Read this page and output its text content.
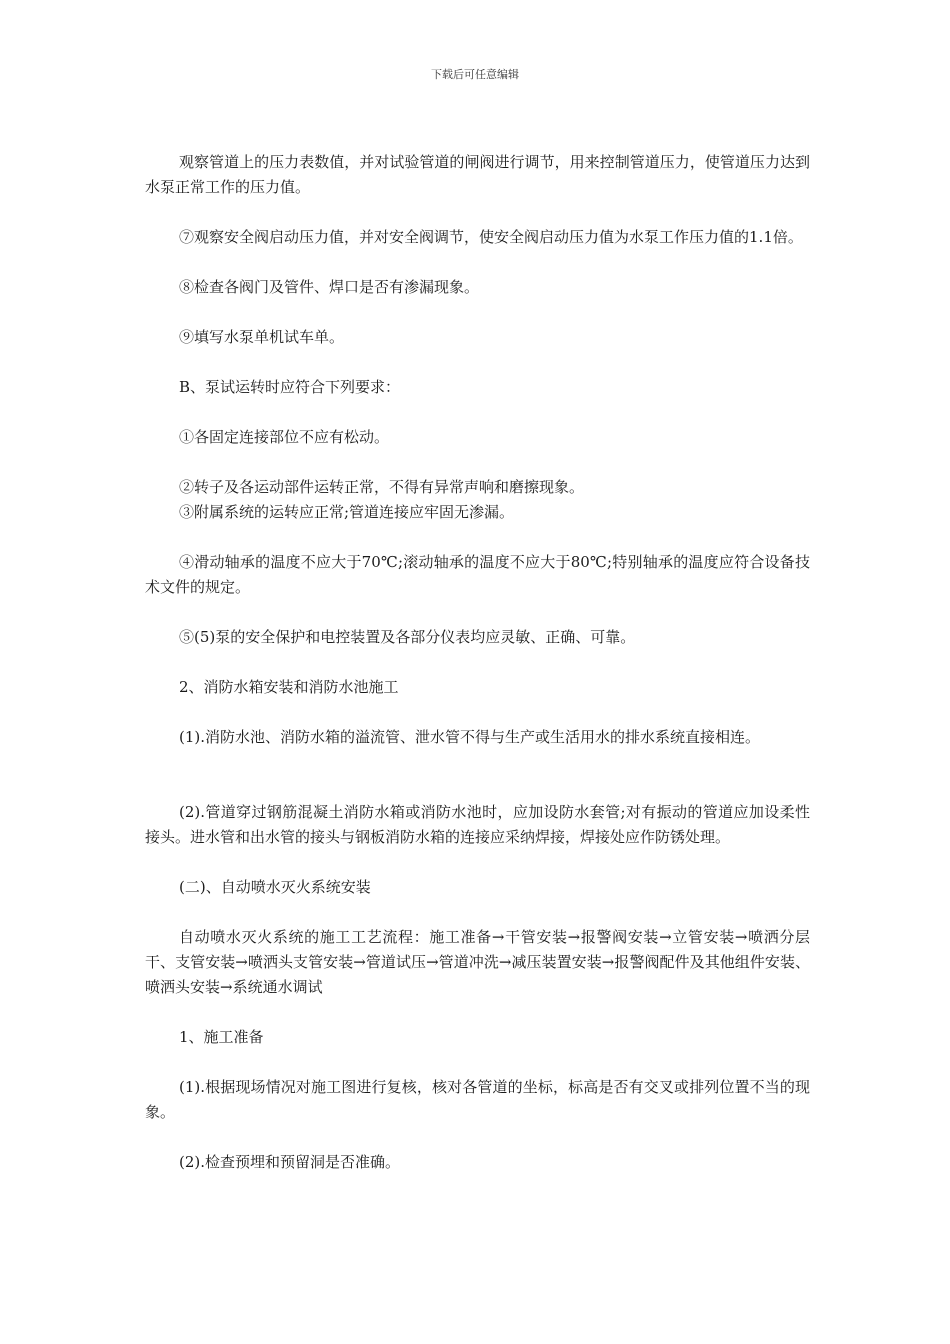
下载后可任意编辑

观察管道上的压力表数值，并对试验管道的闸阀进行调节，用来控制管道压力，使管道压力达到水泵正常工作的压力值。

⑦观察安全阀启动压力值，并对安全阀调节，使安全阀启动压力值为水泵工作压力值的1.1倍。

⑧检查各阀门及管件、焊口是否有渗漏现象。

⑨填写水泵单机试车单。

B、泵试运转时应符合下列要求：

①各固定连接部位不应有松动。

②转子及各运动部件运转正常，不得有异常声响和磨擦现象。

③附属系统的运转应正常;管道连接应牢固无渗漏。

④滑动轴承的温度不应大于70℃;滚动轴承的温度不应大于80℃;特别轴承的温度应符合设备技术文件的规定。

⑤(5)泵的安全保护和电控装置及各部分仪表均应灵敏、正确、可靠。

2、消防水箱安装和消防水池施工

(1).消防水池、消防水箱的溢流管、泄水管不得与生产或生活用水的排水系统直接相连。

(2).管道穿过钢筋混凝土消防水箱或消防水池时，应加设防水套管;对有振动的管道应加设柔性接头。进水管和出水管的接头与钢板消防水箱的连接应采纳焊接，焊接处应作防锈处理。

(二)、自动喷水灭火系统安装

自动喷水灭火系统的施工工艺流程：施工准备→干管安装→报警阀安装→立管安装→喷洒分层干、支管安装→喷洒头支管安装→管道试压→管道冲洗→减压装置安装→报警阀配件及其他组件安装、喷洒头安装→系统通水调试

1、施工准备

(1).根据现场情况对施工图进行复核，核对各管道的坐标，标高是否有交叉或排列位置不当的现象。

(2).检查预埋和预留洞是否准确。
